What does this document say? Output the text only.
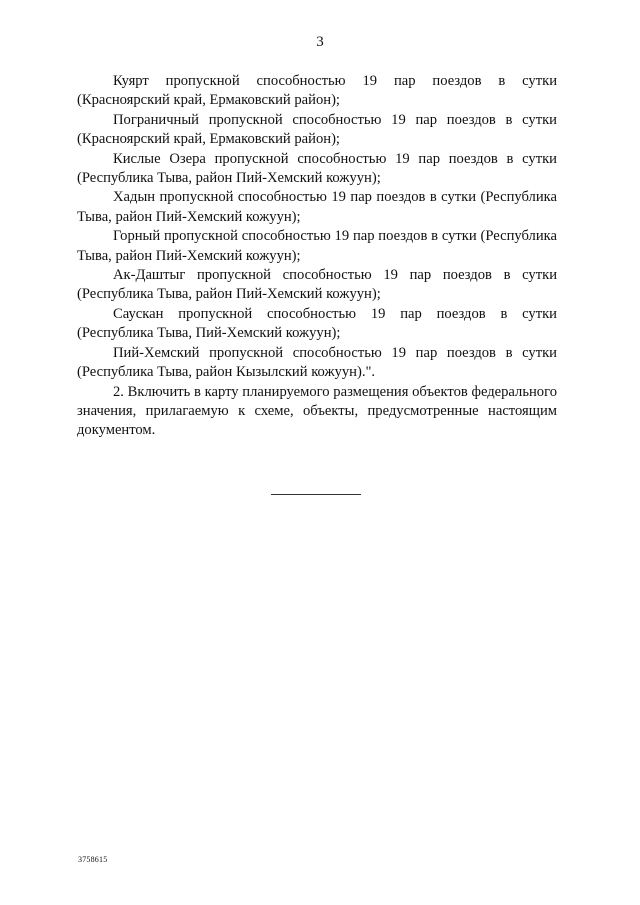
3

Куярт пропускной способностью 19 пар поездов в сутки (Красноярский край, Ермаковский район);

Пограничный пропускной способностью 19 пар поездов в сутки (Красноярский край, Ермаковский район);

Кислые Озера пропускной способностью 19 пар поездов в сутки (Республика Тыва, район Пий-Хемский кожуун);

Хадын пропускной способностью 19 пар поездов в сутки (Республика Тыва, район Пий-Хемский кожуун);

Горный пропускной способностью 19 пар поездов в сутки (Республика Тыва, район Пий-Хемский кожуун);

Ак-Даштыг пропускной способностью 19 пар поездов в сутки (Республика Тыва, район Пий-Хемский кожуун);

Саускан пропускной способностью 19 пар поездов в сутки (Республика Тыва, Пий-Хемский кожуун);

Пий-Хемский пропускной способностью 19 пар поездов в сутки (Республика Тыва, район Кызылский кожуун).".

2. Включить в карту планируемого размещения объектов федерального значения, прилагаемую к схеме, объекты, предусмотренные настоящим документом.

3758615
